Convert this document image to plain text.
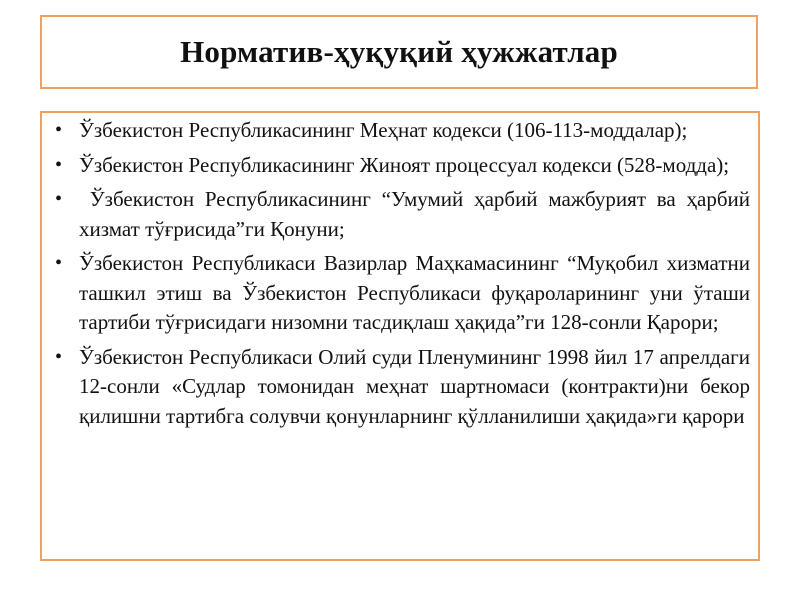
Норматив-ҳуқуқий ҳужжатлар
• Ўзбекистон Республикасининг Меҳнат кодекси (106-113-моддалар);
• Ўзбекистон Республикасининг Жиноят процессуал кодекси (528-модда);
• Ўзбекистон Республикасининг “Умумий ҳарбий мажбурият ва ҳарбий хизмат тўғрисида”ги Қонуни;
• Ўзбекистон Республикаси Вазирлар Маҳкамасининг “Муқобил хизматни ташкил этиш ва Ўзбекистон Республикаси фуқароларининг уни ўташи тартиби тўғрисидаги низомни тасдиқлаш ҳақида”ги 128-сонли Қарори;
• Ўзбекистон Республикаси Олий суди Пленумининг 1998 йил 17 апрелдаги 12-сонли «Судлар томонидан меҳнат шартномаси (контракти)ни бекор қилишни тартибга солувчи қонунларнинг қўлланилиши ҳақида»ги қарори
